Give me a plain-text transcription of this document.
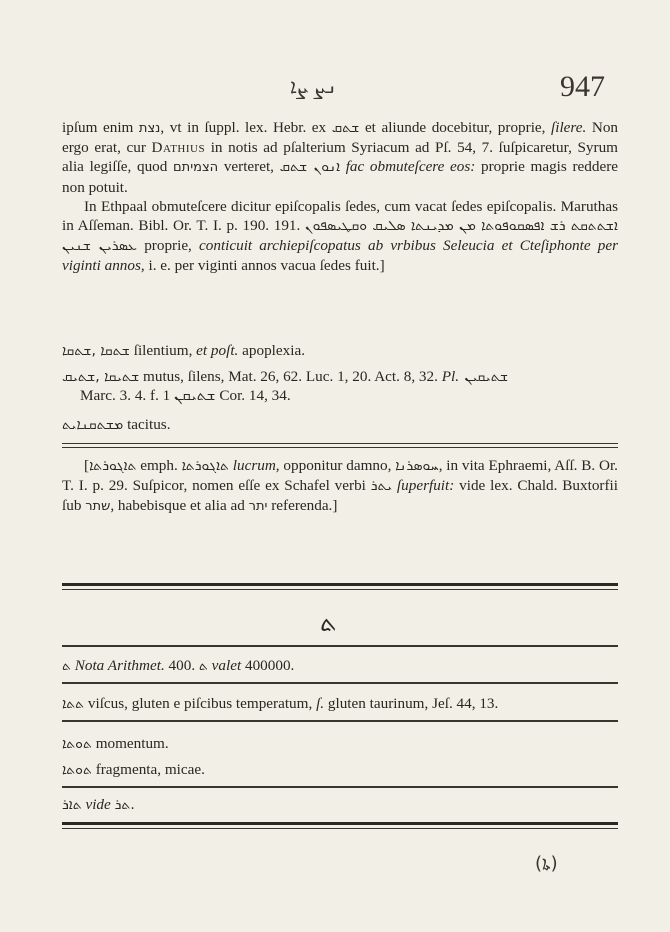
ܢܨ ܨܐ	947

ipſum enim נצת, vt in ſuppl. lex. Hebr. ex ܫܬܩ et aliunde docebitur, proprie, ſilere. Non ergo erat, cur Dathius in notis ad pſalterium Syriacum ad Pſ. 54, 7. ſuſpicaretur, Syrum alia legiſſe, quod הצמיתם verteret, ܐܢܘܢ ܫܬܩ fac obmuteſcere eos: proprie magis reddere non potuit.

In Ethpaal obmuteſcere dicitur epiſcopalis ſedes, cum vacat ſedes epiſcopalis. Maruthas in Aſſeman. Bibl. Or. T. I. p. 190. 191. ܐܫܬܬܩܬ ܪܫ ܐܦܣܩܘܦܘܬܐ ܡܢ ܡܕܝܢܬܐ ܣܠܝܩ ܘܩܛܝܣܦܘܢ ܥܣܪܝܢ ܫܢܝܢ proprie, conticuit archiepiſcopatus ab vrbibus Seleucia et Cteſiphonte per viginti annos, i. e. per viginti annos vacua ſedes fuit.]

ܫܬܩܐ ,ܫܬܩܐ ſilentium, et poſt. apoplexia.
ܫܬܝܩܐ ,ܫܬܝܩ mutus, ſilens, Mat. 26, 62. Luc. 1, 20. Act. 8, 32. Pl. ܫܬܝܩܝܢ
Marc. 3. 4. f. ܫܬܝܩܢ 1 Cor. 14, 34.
ܡܫܬܩܢܐܝܬ tacitus.

[ܬܐܓܘܪܬܐ emph. ܬܐܓܘܪܬܐ lucrum, opponitur damno, ܚܘܣܪܢܐ, in vita Ephraemi, Aſſ. B. Or. T. I. p. 29. Suſpicor, nomen eſſe ex Schafel verbi ܝܬܪ ſuperfuit: vide lex. Chald. Buxtorfii ſub שתר, habebisque et alia ad יתר referenda.]

ܬ
ܬ Nota Arithmet. 400. ܬ valet 400000.
ܬܬܐ viſcus, gluten e piſcibus temperatum, ſ. gluten taurinum, Jeſ. 44, 13.
ܬܘܬܐ momentum.
ܬܘܬܐ fragmenta, micae.
ܬܐܪ vide ܬܪ.
(ܬܐ)
